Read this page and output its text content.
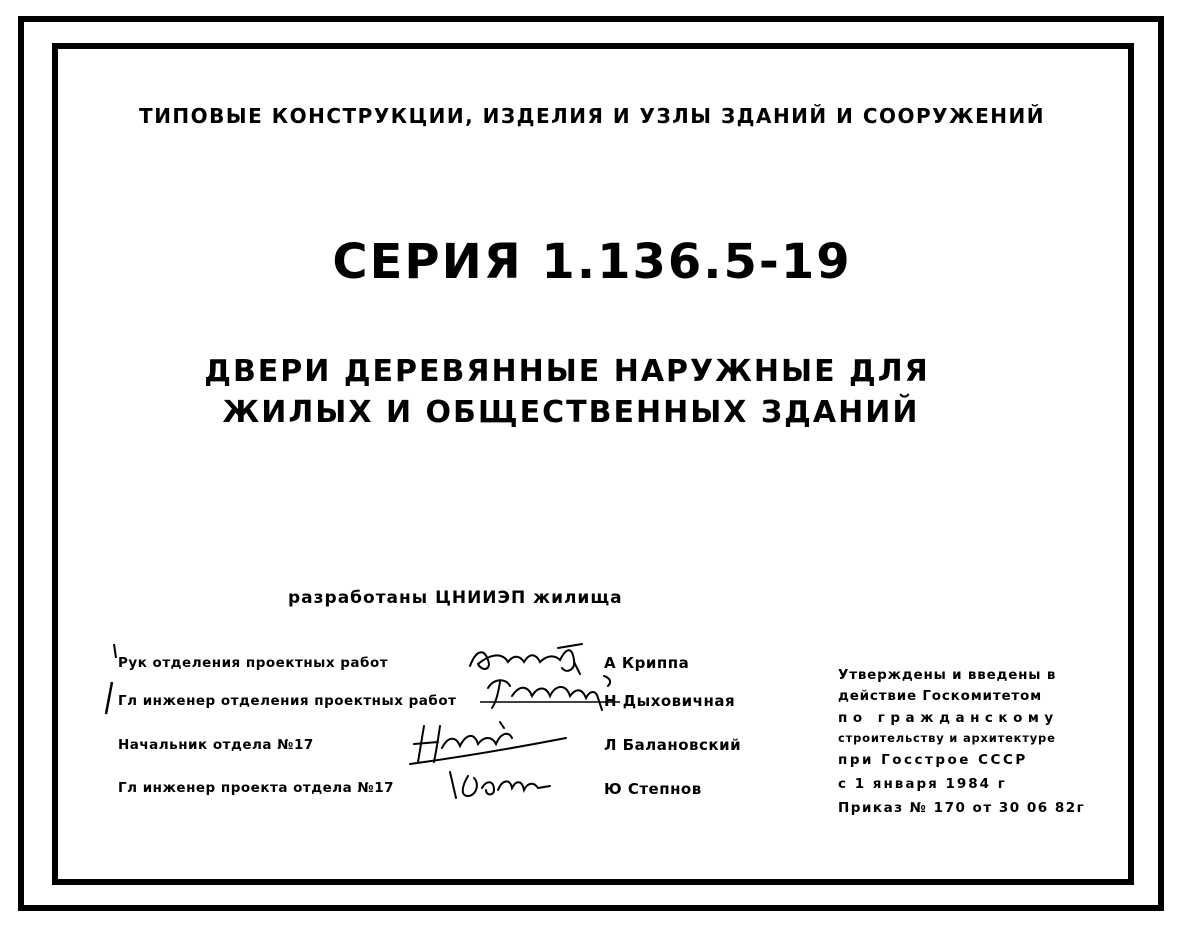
ТИПОВЫЕ КОНСТРУКЦИИ, ИЗДЕЛИЯ И УЗЛЫ ЗДАНИЙ И СООРУЖЕНИЙ
СЕРИЯ 1.136.5-19
ДВЕРИ ДЕРЕВЯННЫЕ НАРУЖНЫЕ ДЛЯ
ЖИЛЫХ И ОБЩЕСТВЕННЫХ ЗДАНИЙ
разработаны ЦНИИЭП жилища
Рук отделения проектных работ	А Криппа
Гл инженер отделения проектных работ	Н Дыховичная
Начальник отдела №17	Л Балановский
Гл инженер проекта отдела №17	Ю Степнов
Утверждены и введены в
действие Госкомитетом
по гражданскому
строительству и архитектуре
при Госстрое СССР
с 1 января 1984 г
Приказ № 170 от 30 06 82г
